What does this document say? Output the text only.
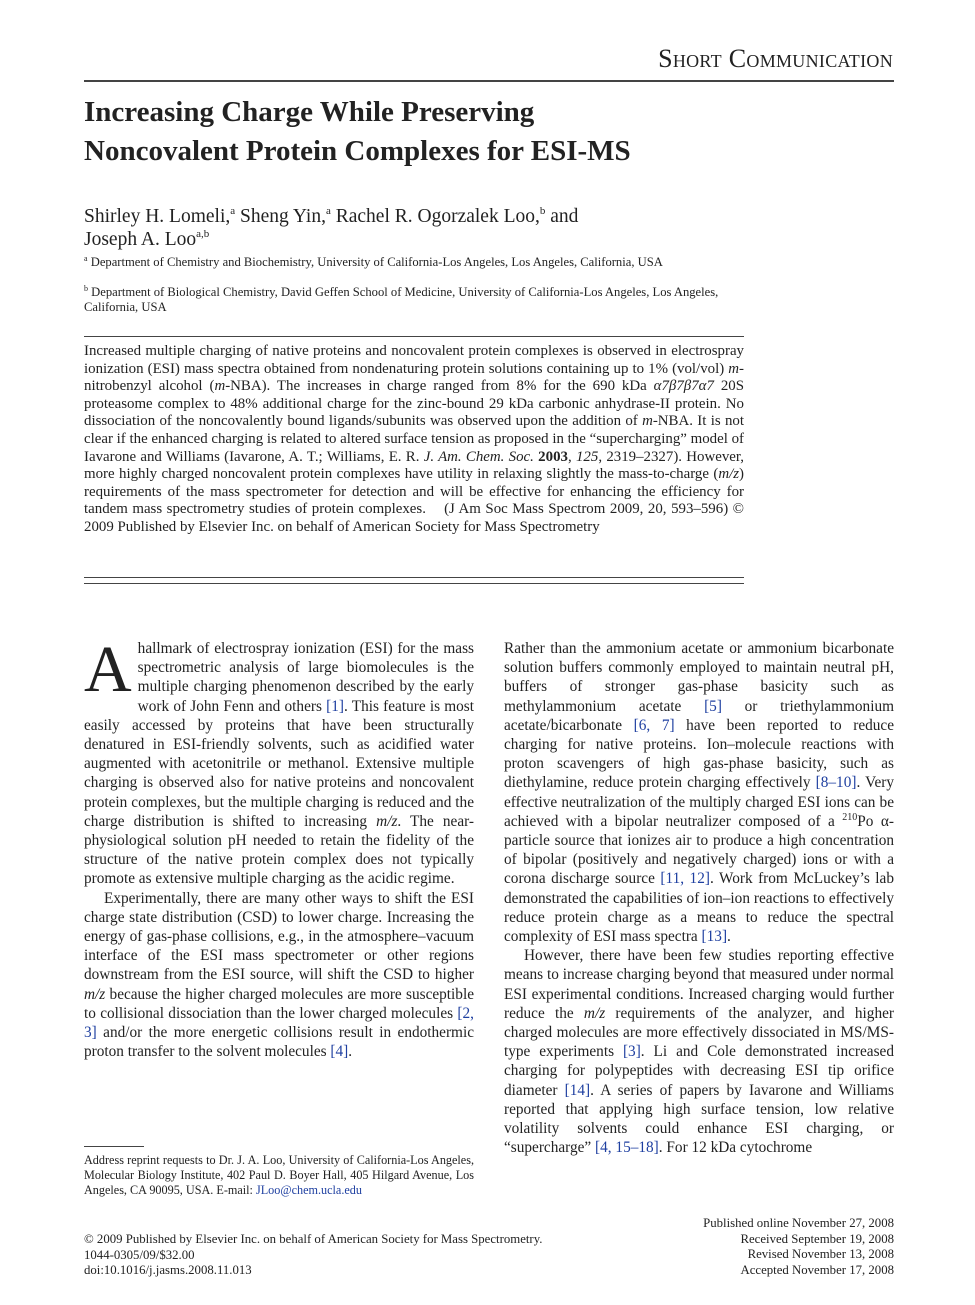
Short Communication
Increasing Charge While Preserving
Noncovalent Protein Complexes for ESI-MS
Shirley H. Lomeli,$^a$ Sheng Yin,$^a$ Rachel R. Ogorzalek Loo,$^b$ and
Joseph A. Loo$^{a,b}$
$^a$ Department of Chemistry and Biochemistry, University of California-Los Angeles, Los Angeles, California, USA
$^b$ Department of Biological Chemistry, David Geffen School of Medicine, University of California-Los Angeles, Los Angeles, California, USA
Increased multiple charging of native proteins and noncovalent protein complexes is observed in electrospray ionization (ESI) mass spectra obtained from nondenaturing protein solutions containing up to 1% (vol/vol) m-nitrobenzyl alcohol (m-NBA). The increases in charge ranged from 8% for the 690 kDa α7β7β7α7 20S proteasome complex to 48% additional charge for the zinc-bound 29 kDa carbonic anhydrase-II protein. No dissociation of the noncovalently bound ligands/subunits was observed upon the addition of m-NBA. It is not clear if the enhanced charging is related to altered surface tension as proposed in the “supercharging” model of Iavarone and Williams (Iavarone, A. T.; Williams, E. R. J. Am. Chem. Soc. 2003, 125, 2319–2327). However, more highly charged noncovalent protein complexes have utility in relaxing slightly the mass-to-charge (m/z) requirements of the mass spectrometer for detection and will be effective for enhancing the efficiency for tandem mass spectrometry studies of protein complexes. (J Am Soc Mass Spectrom 2009, 20, 593–596) © 2009 Published by Elsevier Inc. on behalf of American Society for Mass Spectrometry

Ahallmark of electrospray ionization (ESI) for the mass spectrometric analysis of large biomolecules is the multiple charging phenomenon described by the early work of John Fenn and others [1]. This feature is most easily accessed by proteins that have been structurally denatured in ESI-friendly solvents, such as acidified water augmented with acetonitrile or methanol. Extensive multiple charging is observed also for native proteins and noncovalent protein complexes, but the multiple charging is reduced and the charge distribution is shifted to increasing m/z. The near-physiological solution pH needed to retain the fidelity of the structure of the native protein complex does not typically promote as extensive multiple charging as the acidic regime.

Experimentally, there are many other ways to shift the ESI charge state distribution (CSD) to lower charge. Increasing the energy of gas-phase collisions, e.g., in the atmosphere–vacuum interface of the ESI mass spectrometer or other regions downstream from the ESI source, will shift the CSD to higher m/z because the higher charged molecules are more susceptible to collisional dissociation than the lower charged molecules [2, 3] and/or the more energetic collisions result in endothermic proton transfer to the solvent molecules [4].

Rather than the ammonium acetate or ammonium bicarbonate solution buffers commonly employed to maintain neutral pH, buffers of stronger gas-phase basicity such as methylammonium acetate [5] or triethylammonium acetate/bicarbonate [6, 7] have been reported to reduce charging for native proteins. Ion–molecule reactions with proton scavengers of high gas-phase basicity, such as diethylamine, reduce protein charging effectively [8–10]. Very effective neutralization of the multiply charged ESI ions can be achieved with a bipolar neutralizer composed of a $^{210}$Po α-particle source that ionizes air to produce a high concentration of bipolar (positively and negatively charged) ions or with a corona discharge source [11, 12]. Work from McLuckey’s lab demonstrated the capabilities of ion–ion reactions to effectively reduce protein charge as a means to reduce the spectral complexity of ESI mass spectra [13].

However, there have been few studies reporting effective means to increase charging beyond that measured under normal ESI experimental conditions. Increased charging would further reduce the m/z requirements of the analyzer, and higher charged molecules are more effectively dissociated in MS/MS-type experiments [3]. Li and Cole demonstrated increased charging for polypeptides with decreasing ESI tip orifice diameter [14]. A series of papers by Iavarone and Williams reported that applying high surface tension, low relative volatility solvents could enhance ESI charging, or “supercharge” [4, 15–18]. For 12 kDa cytochrome

Address reprint requests to Dr. J. A. Loo, University of California-Los Angeles, Molecular Biology Institute, 402 Paul D. Boyer Hall, 405 Hilgard Avenue, Los Angeles, CA 90095, USA. E-mail: JLoo@chem.ucla.edu
© 2009 Published by Elsevier Inc. on behalf of American Society for Mass Spectrometry.
1044-0305/09/$32.00
doi:10.1016/j.jasms.2008.11.013
Published online November 27, 2008
Received September 19, 2008
Revised November 13, 2008
Accepted November 17, 2008
